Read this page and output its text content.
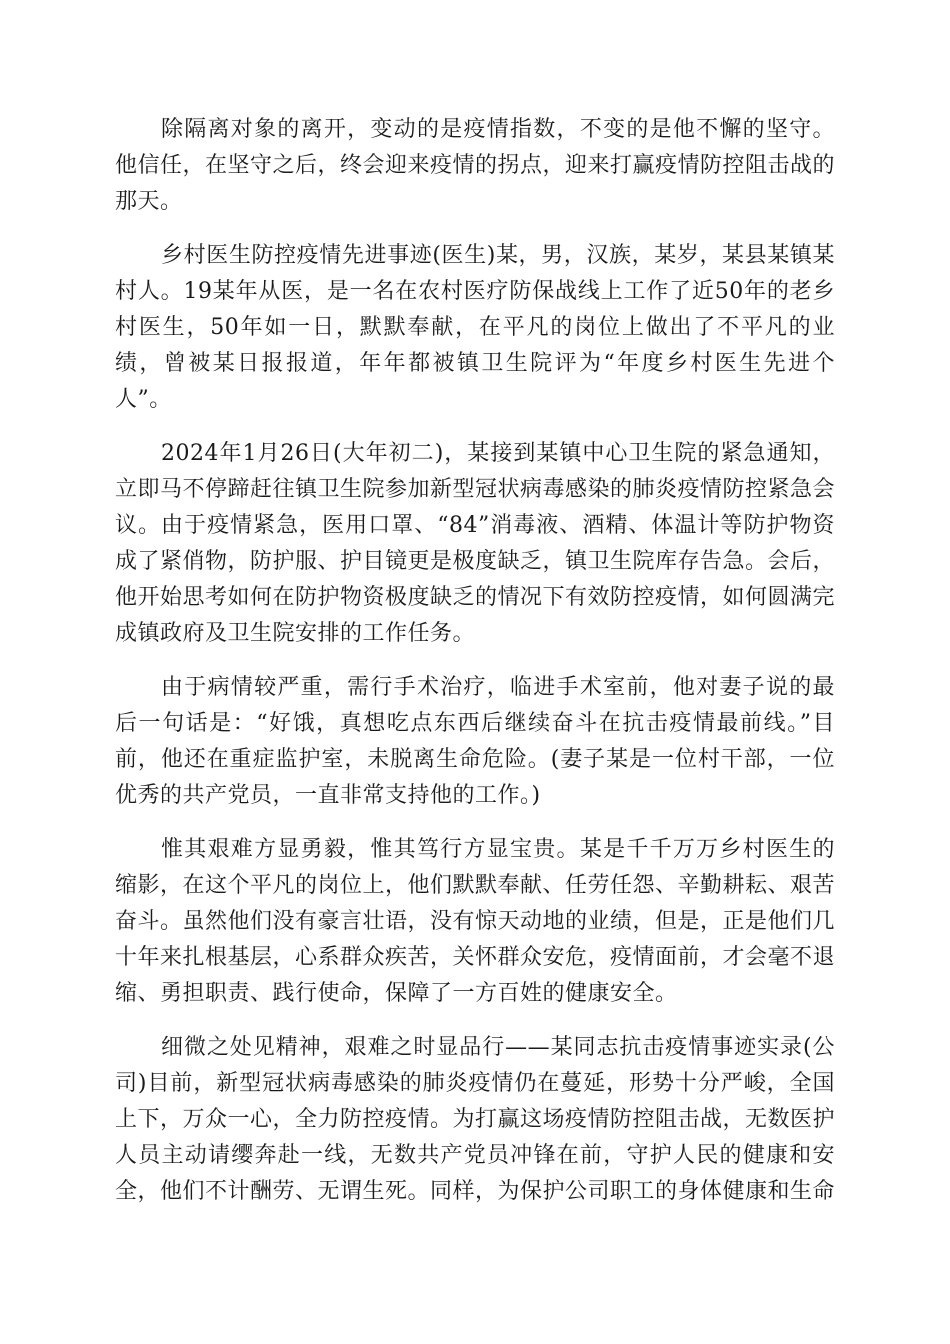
除隔离对象的离开，变动的是疫情指数，不变的是他不懈的坚守。他信任，在坚守之后，终会迎来疫情的拐点，迎来打赢疫情防控阻击战的那天。

乡村医生防控疫情先进事迹(医生)某，男，汉族，某岁，某县某镇某村人。19某年从医，是一名在农村医疗防保战线上工作了近50年的老乡村医生，50年如一日，默默奉献，在平凡的岗位上做出了不平凡的业绩，曾被某日报报道，年年都被镇卫生院评为“年度乡村医生先进个人”。

2024年1月26日(大年初二)，某接到某镇中心卫生院的紧急通知，立即马不停蹄赶往镇卫生院参加新型冠状病毒感染的肺炎疫情防控紧急会议。由于疫情紧急，医用口罩、“84”消毒液、酒精、体温计等防护物资成了紧俏物，防护服、护目镜更是极度缺乏，镇卫生院库存告急。会后，他开始思考如何在防护物资极度缺乏的情况下有效防控疫情，如何圆满完成镇政府及卫生院安排的工作任务。

由于病情较严重，需行手术治疗，临进手术室前，他对妻子说的最后一句话是：“好饿，真想吃点东西后继续奋斗在抗击疫情最前线。”目前，他还在重症监护室，未脱离生命危险。(妻子某是一位村干部，一位优秀的共产党员，一直非常支持他的工作。)

惟其艰难方显勇毅，惟其笃行方显宝贵。某是千千万万乡村医生的缩影，在这个平凡的岗位上，他们默默奉献、任劳任怨、辛勤耕耘、艰苦奋斗。虽然他们没有豪言壮语，没有惊天动地的业绩，但是，正是他们几十年来扎根基层，心系群众疾苦，关怀群众安危，疫情面前，才会毫不退缩、勇担职责、践行使命，保障了一方百姓的健康安全。

细微之处见精神，艰难之时显品行——某同志抗击疫情事迹实录(公司)目前，新型冠状病毒感染的肺炎疫情仍在蔓延，形势十分严峻，全国上下，万众一心，全力防控疫情。为打赢这场疫情防控阻击战，无数医护人员主动请缨奔赴一线，无数共产党员冲锋在前，守护人民的健康和安全，他们不计酬劳、无谓生死。同样，为保护公司职工的身体健康和生命
